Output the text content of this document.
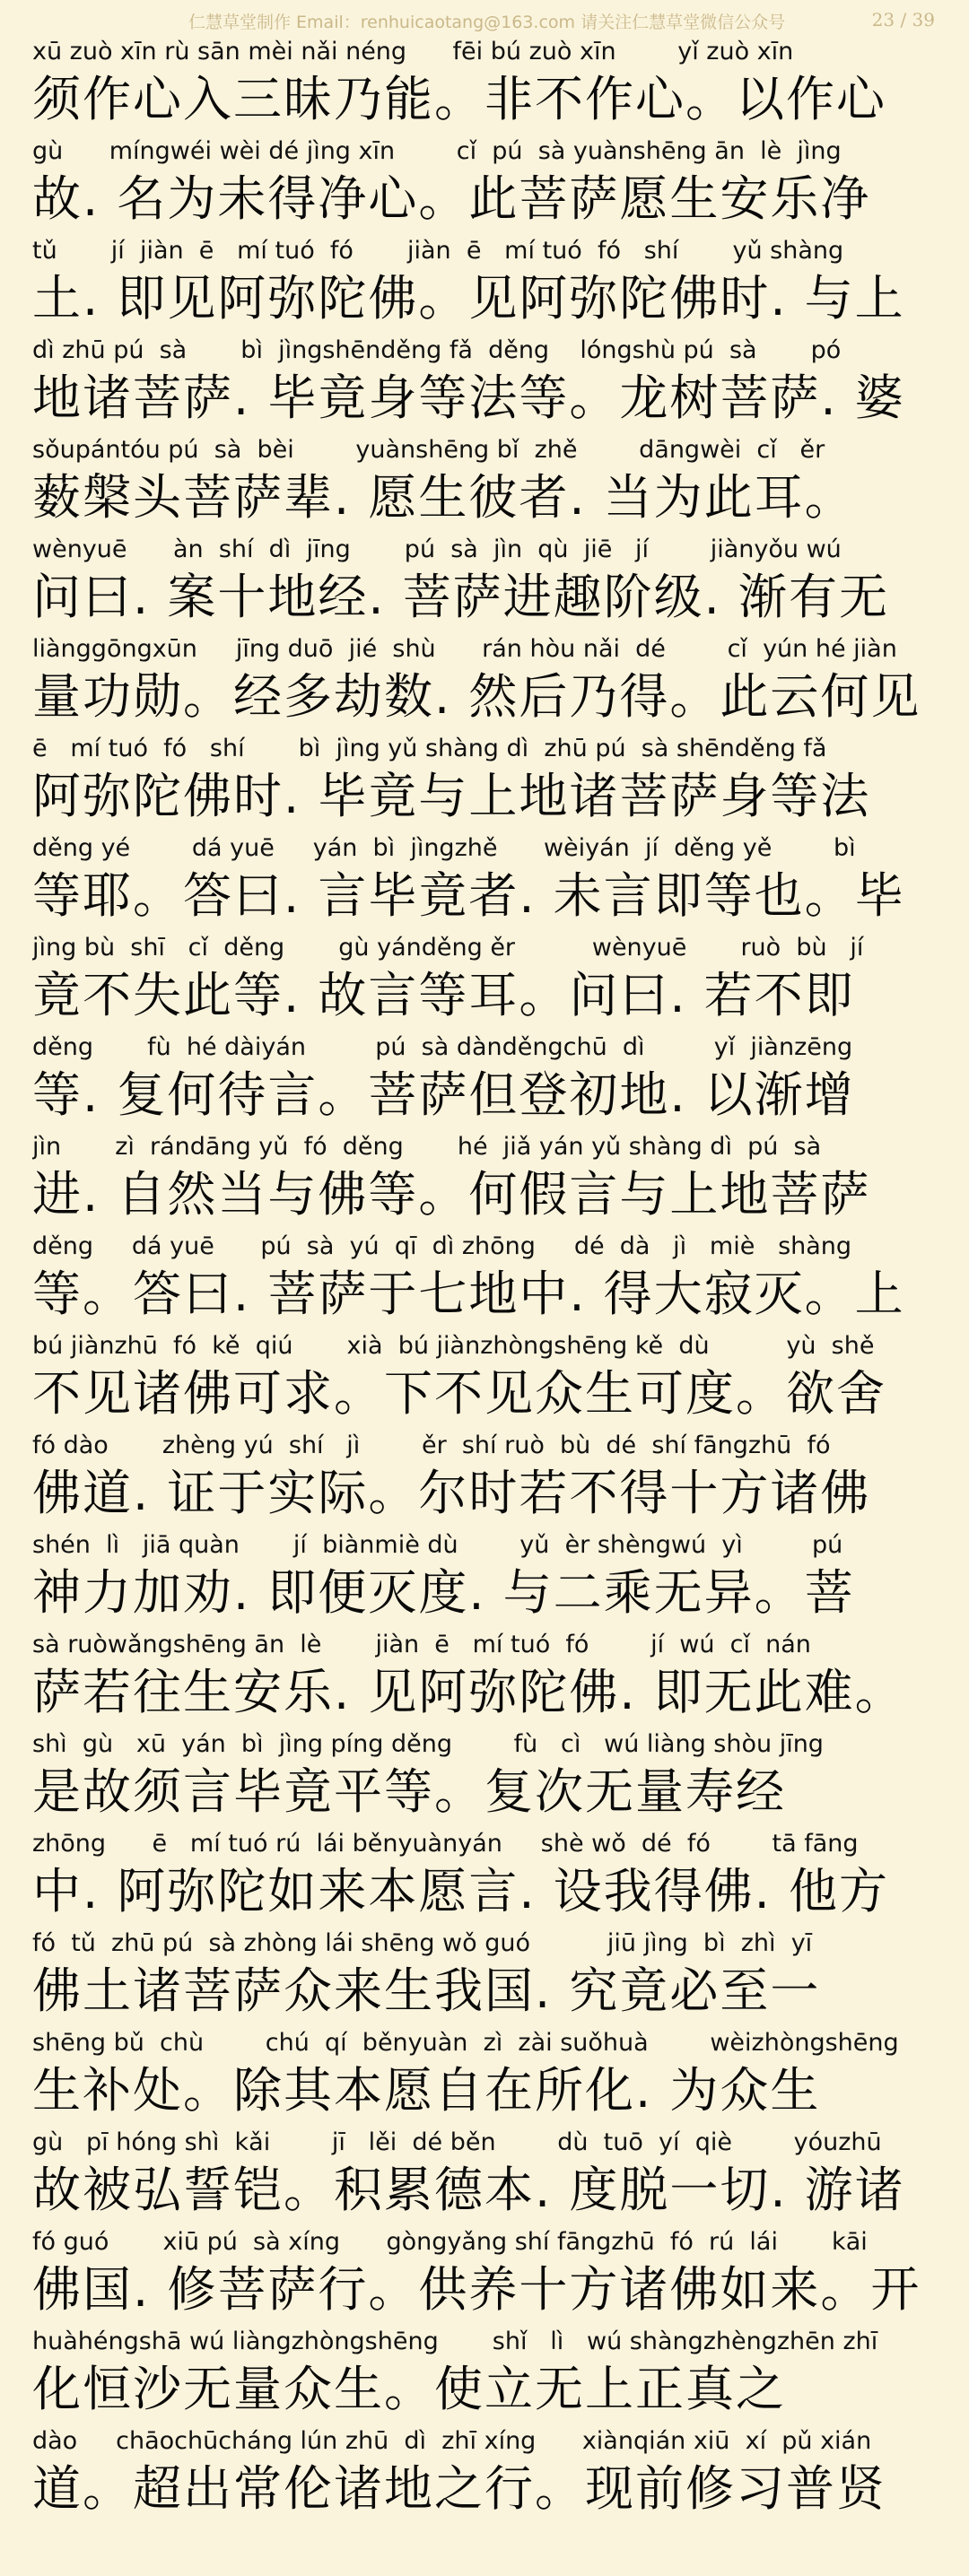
仁慧草堂制作 Email：renhuicaotang@163.com 请关注仁慧草堂微信公众号	23 / 39
xū zuò xīn rù sān mèi nǎi néng      fēi bú zuò xīn        yǐ zuò xīn
须作心入三昧乃能。非不作心。以作心
gù      míngwéi wèi dé jìng xīn        cǐ  pú  sà yuànshēng ān  lè  jìng
故. 名为未得净心。此菩萨愿生安乐净
tǔ       jí  jiàn  ē   mí tuó  fó       jiàn  ē   mí tuó  fó   shí       yǔ shàng
土. 即见阿弥陀佛。见阿弥陀佛时. 与上
dì zhū pú  sà       bì  jìngshēnděng fǎ  děng    lóngshù pú  sà       pó
地诸菩萨. 毕竟身等法等。龙树菩萨. 婆
sǒupántóu pú  sà  bèi        yuànshēng bǐ  zhě        dāngwèi  cǐ   ěr
薮槃头菩萨辈. 愿生彼者. 当为此耳。
wènyuē      àn  shí  dì  jīng       pú  sà  jìn  qù  jiē   jí        jiànyǒu wú
问曰. 案十地经. 菩萨进趣阶级. 渐有无
liànggōngxūn     jīng duō  jié  shù      rán hòu nǎi  dé        cǐ  yún hé jiàn
量功勋。经多劫数. 然后乃得。此云何见
ē   mí tuó  fó   shí       bì  jìng yǔ shàng dì  zhū pú  sà shēnděng fǎ
阿弥陀佛时. 毕竟与上地诸菩萨身等法
děng yé        dá yuē     yán  bì  jìngzhě      wèiyán  jí  děng yě        bì
等耶。答曰. 言毕竟者. 未言即等也。毕
jìng bù  shī   cǐ  děng       gù yánděng ěr          wènyuē       ruò  bù   jí
竟不失此等. 故言等耳。问曰. 若不即
děng       fù  hé dàiyán         pú  sà dànděngchū  dì         yǐ  jiànzēng
等. 复何待言。菩萨但登初地. 以渐增
jìn       zì  rándāng yǔ  fó  děng       hé  jiǎ yán yǔ shàng dì  pú  sà
进. 自然当与佛等。何假言与上地菩萨
děng     dá yuē      pú  sà  yú  qī  dì zhōng     dé  dà   jì   miè   shàng
等。答曰. 菩萨于七地中. 得大寂灭。上
bú jiànzhū  fó  kě  qiú       xià  bú jiànzhòngshēng kě  dù          yù  shě
不见诸佛可求。下不见众生可度。欲舍
fó dào       zhèng yú  shí   jì        ěr  shí ruò  bù  dé  shí fāngzhū  fó
佛道. 证于实际。尔时若不得十方诸佛
shén  lì   jiā quàn       jí  biànmiè dù        yǔ  èr shèngwú  yì         pú
神力加劝. 即便灭度. 与二乘无异。菩
sà ruòwǎngshēng ān  lè       jiàn  ē   mí tuó  fó        jí  wú  cǐ  nán
萨若往生安乐. 见阿弥陀佛. 即无此难。
shì  gù   xū  yán  bì  jìng píng děng        fù   cì   wú liàng shòu jīng
是故须言毕竟平等。复次无量寿经
zhōng      ē   mí tuó rú  lái běnyuànyán     shè wǒ  dé  fó        tā fāng
中. 阿弥陀如来本愿言. 设我得佛. 他方
fó  tǔ  zhū pú  sà zhòng lái shēng wǒ guó          jiū jìng  bì  zhì  yī
佛土诸菩萨众来生我国. 究竟必至一
shēng bǔ  chù        chú  qí  běnyuàn  zì  zài suǒhuà        wèizhòngshēng
生补处。除其本愿自在所化. 为众生
gù   pī hóng shì  kǎi        jī   lěi  dé běn        dù  tuō  yí  qiè        yóuzhū
故被弘誓铠。积累德本. 度脱一切. 游诸
fó guó       xiū pú  sà xíng      gòngyǎng shí fāngzhū  fó  rú  lái       kāi
佛国. 修菩萨行。供养十方诸佛如来。开
huàhéngshā wú liàngzhòngshēng       shǐ   lì   wú shàngzhèngzhēn zhī
化恒沙无量众生。使立无上正真之
dào     chāochūcháng lún zhū  dì  zhī xíng      xiànqián xiū  xí  pǔ xián
道。超出常伦诸地之行。现前修习普贤
